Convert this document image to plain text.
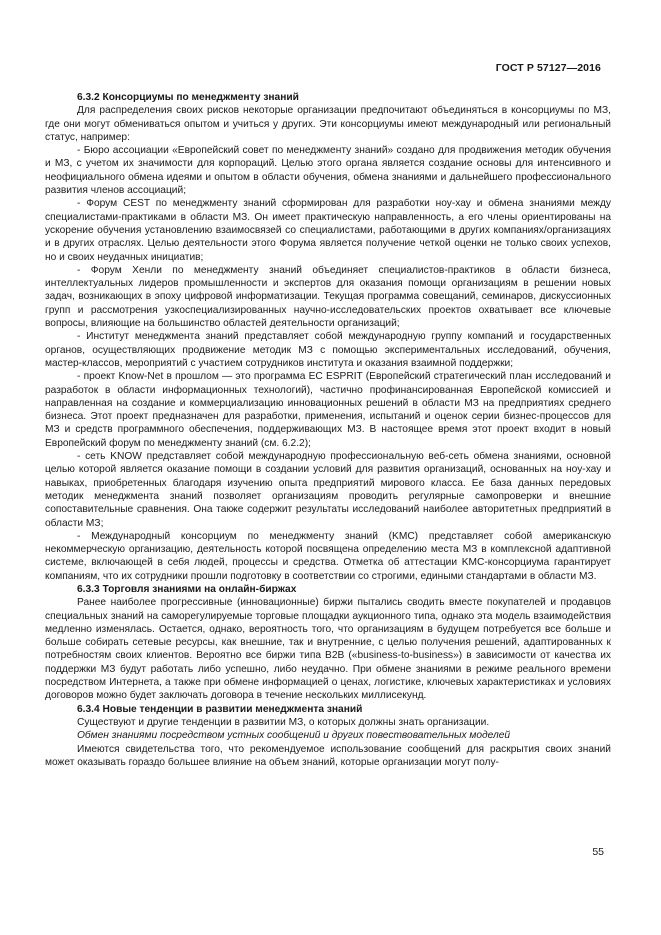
ГОСТ Р 57127—2016

6.3.2 Консорциумы по менеджменту знаний

Для распределения своих рисков некоторые организации предпочитают объединяться в консорциумы по МЗ, где они могут обмениваться опытом и учиться у других. Эти консорциумы имеют международный или региональный статус, например:

- Бюро ассоциации «Европейский совет по менеджменту знаний» создано для продвижения методик обучения и МЗ, с учетом их значимости для корпораций. Целью этого органа является создание основы для интенсивного и неофициального обмена идеями и опытом в области обучения, обмена знаниями и дальнейшего профессионального развития членов ассоциаций;

- Форум CEST по менеджменту знаний сформирован для разработки ноу-хау и обмена знаниями между специалистами-практиками в области МЗ. Он имеет практическую направленность, а его члены ориентированы на ускорение обучения установлению взаимосвязей со специалистами, работающими в других компаниях/организациях и в других отраслях. Целью деятельности этого Форума является получение четкой оценки не только своих успехов, но и своих неудачных инициатив;

- Форум Хенли по менеджменту знаний объединяет специалистов-практиков в области бизнеса, интеллектуальных лидеров промышленности и экспертов для оказания помощи организациям в решении новых задач, возникающих в эпоху цифровой информатизации. Текущая программа совещаний, семинаров, дискуссионных групп и рассмотрения узкоспециализированных научно-исследовательских проектов охватывает все ключевые вопросы, влияющие на большинство областей деятельности организаций;

- Институт менеджмента знаний представляет собой международную группу компаний и государственных органов, осуществляющих продвижение методик МЗ с помощью экспериментальных исследований, обучения, мастер-классов, мероприятий с участием сотрудников института и оказания взаимной поддержки;

- проект Know-Net в прошлом — это программа ЕС ESPRIT (Европейский стратегический план исследований и разработок в области информационных технологий), частично профинансированная Европейской комиссией и направленная на создание и коммерциализацию инновационных решений в области МЗ на предприятиях среднего бизнеса. Этот проект предназначен для разработки, применения, испытаний и оценок серии бизнес-процессов для МЗ и средств программного обеспечения, поддерживающих МЗ. В настоящее время этот проект входит в новый Европейский форум по менеджменту знаний (см. 6.2.2);

- сеть KNOW представляет собой международную профессиональную веб-сеть обмена знаниями, основной целью которой является оказание помощи в создании условий для развития организаций, основанных на ноу-хау и навыках, приобретенных благодаря изучению опыта предприятий мирового класса. Ее база данных передовых методик менеджмента знаний позволяет организациям проводить регулярные самопроверки и внешние сопоставительные сравнения. Она также содержит результаты исследований наиболее авторитетных предприятий в области МЗ;

- Международный консорциум по менеджменту знаний (KMC) представляет собой американскую некоммерческую организацию, деятельность которой посвящена определению места МЗ в комплексной адаптивной системе, включающей в себя людей, процессы и средства. Отметка об аттестации KMC-консорциума гарантирует компаниям, что их сотрудники прошли подготовку в соответствии со строгими, едиными стандартами в области МЗ.

6.3.3 Торговля знаниями на онлайн-биржах

Ранее наиболее прогрессивные (инновационные) биржи пытались сводить вместе покупателей и продавцов специальных знаний на саморегулируемые торговые площадки аукционного типа, однако эта модель взаимодействия медленно изменялась. Остается, однако, вероятность того, что организациям в будущем потребуется все больше и больше собирать сетевые ресурсы, как внешние, так и внутренние, с целью получения решений, адаптированных к потребностям своих клиентов. Вероятно все биржи типа B2B («business-to-business») в зависимости от качества их поддержки МЗ будут работать либо успешно, либо неудачно. При обмене знаниями в режиме реального времени посредством Интернета, а также при обмене информацией о ценах, логистике, ключевых характеристиках и условиях договоров можно будет заключать договора в течение нескольких миллисекунд.

6.3.4 Новые тенденции в развитии менеджмента знаний

Существуют и другие тенденции в развитии МЗ, о которых должны знать организации.

Обмен знаниями посредством устных сообщений и других повествовательных моделей

Имеются свидетельства того, что рекомендуемое использование сообщений для раскрытия своих знаний может оказывать гораздо большее влияние на объем знаний, которые организации могут полу-

55
